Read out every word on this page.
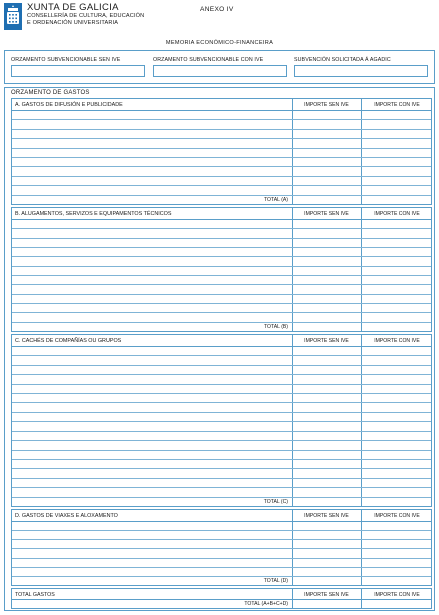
XUNTA DE GALICIA
CONSELLERÍA DE CULTURA, EDUCACIÓN
E ORDENACIÓN UNIVERSITARIA
ANEXO IV
MEMORIA ECONÓMICO-FINANCEIRA
ORZAMENTO SUBVENCIONABLE SEN IVE	ORZAMENTO SUBVENCIONABLE CON IVE	SUBVENCIÓN SOLICITADA Á AGADIC
ORZAMENTO DE GASTOS
A. GASTOS DE DIFUSIÓN E PUBLICIDADE	IMPORTE SEN IVE	IMPORTE CON IVE
TOTAL (A)
B. ALUGAMENTOS, SERVIZOS E EQUIPAMENTOS TÉCNICOS	IMPORTE SEN IVE	IMPORTE CON IVE
TOTAL (B)
C. CACHÉS DE COMPAÑÍAS OU GRUPOS	IMPORTE SEN IVE	IMPORTE CON IVE
TOTAL (C)
D. GASTOS DE VIAXES E ALOXAMENTO	IMPORTE SEN IVE	IMPORTE CON IVE
TOTAL (D)
TOTAL GASTOS	IMPORTE SEN IVE	IMPORTE CON IVE
TOTAL (A+B+C+D)
